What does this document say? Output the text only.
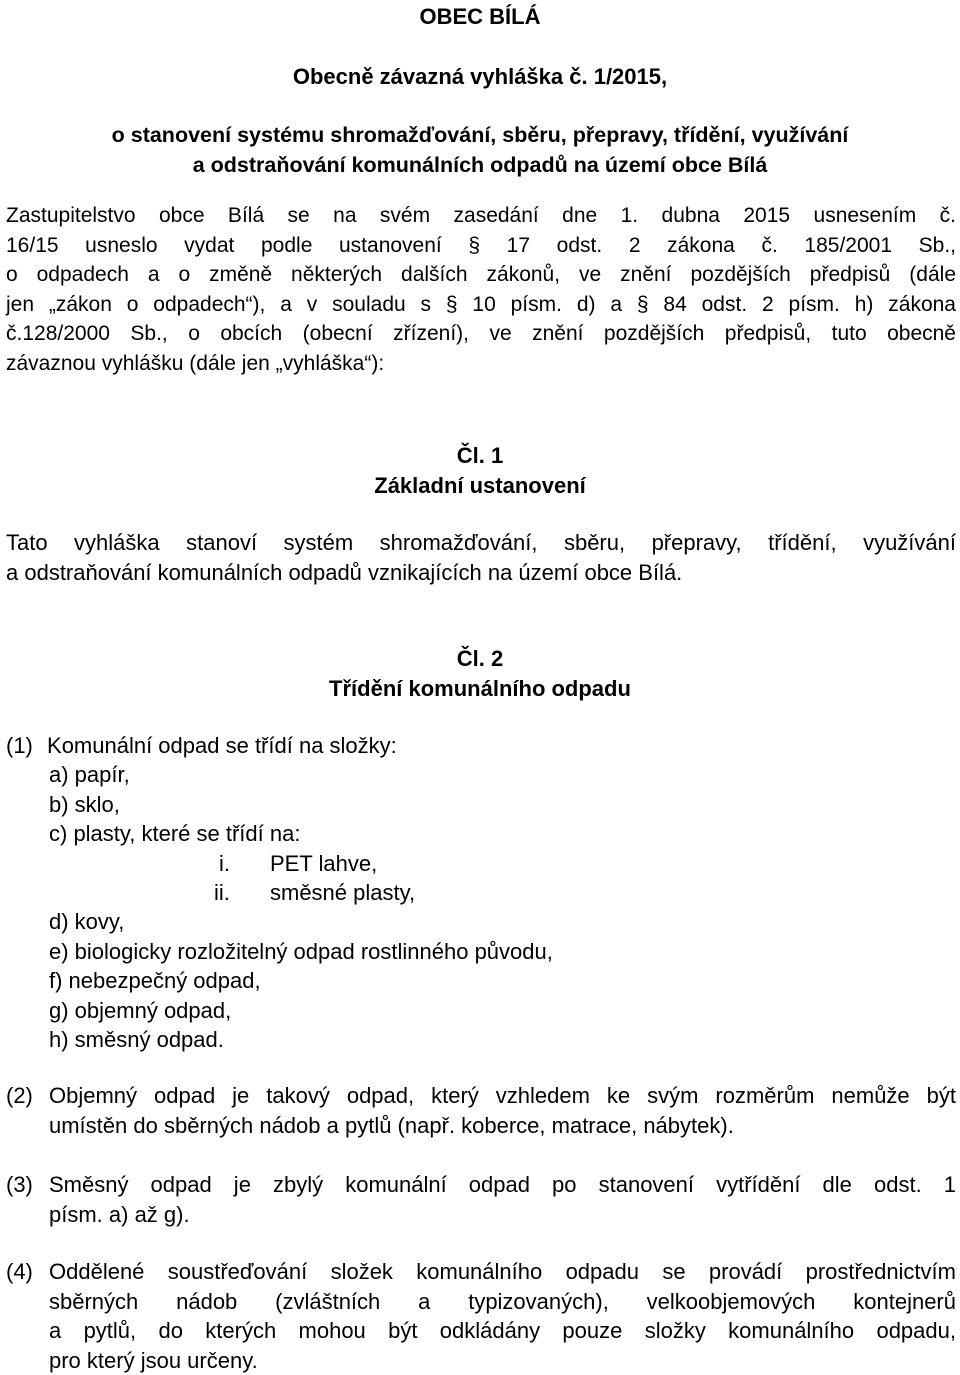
OBEC BÍLÁ
Obecně závazná vyhláška č. 1/2015,
o stanovení systému shromažďování, sběru, přepravy, třídění, využívání
a odstraňování komunálních odpadů na území obce Bílá
Zastupitelstvo obce Bílá se na svém zasedání dne 1. dubna 2015 usnesením č.
16/15 usneslo vydat podle ustanovení § 17 odst. 2 zákona č. 185/2001 Sb.,
o odpadech a o změně některých dalších zákonů, ve znění pozdějších předpisů (dále
jen „zákon o odpadech“), a v souladu s § 10 písm. d) a § 84 odst. 2 písm. h) zákona
č.128/2000 Sb., o obcích (obecní zřízení), ve znění pozdějších předpisů, tuto obecně
závaznou vyhlášku (dále jen „vyhláška“):
Čl. 1
Základní ustanovení
Tato vyhláška stanoví systém shromažďování, sběru, přepravy, třídění, využívání
a odstraňování komunálních odpadů vznikajících na území obce Bílá.
Čl. 2
Třídění komunálního odpadu
(1) Komunální odpad se třídí na složky:
a) papír,
b) sklo,
c) plasty, které se třídí na:
i. PET lahve,
ii. směsné plasty,
d) kovy,
e) biologicky rozložitelný odpad rostlinného původu,
f) nebezpečný odpad,
g) objemný odpad,
h) směsný odpad.
(2) Objemný odpad je takový odpad, který vzhledem ke svým rozměrům nemůže být
umístěn do sběrných nádob a pytlů (např. koberce, matrace, nábytek).
(3) Směsný odpad je zbylý komunální odpad po stanovení vytřídění dle odst. 1
písm. a) až g).
(4) Oddělené soustřeďování složek komunálního odpadu se provádí prostřednictvím
sběrných nádob (zvláštních a typizovaných), velkoobjemových kontejnerů
a pytlů, do kterých mohou být odkládány pouze složky komunálního odpadu,
pro který jsou určeny.
